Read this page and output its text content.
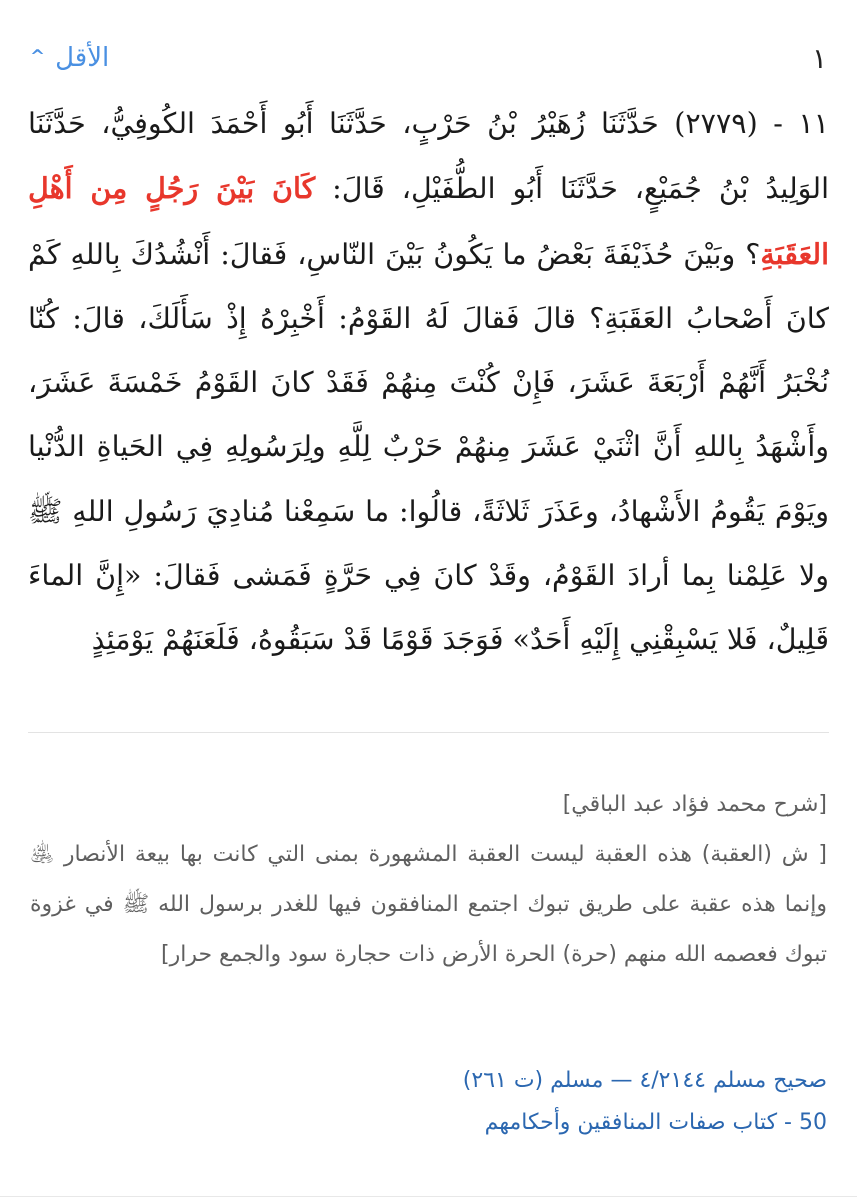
^ الأقل	١
١١ - (٢٧٧٩) حَدَّثَنَا زُهَيْرُ بْنُ حَرْبٍ، حَدَّثَنَا أَبُو أَحْمَدَ الكُوفِيُّ، حَدَّثَنَا الوَلِيدُ بْنُ جُمَيْعٍ، حَدَّثَنَا أَبُو الطُّفَيْلِ، قَالَ: كَانَ بَيْنَ رَجُلٍ مِن أَهْلِ العَقَبَةِ؟ وبَيْنَ حُذَيْفَةَ بَعْضُ ما يَكُونُ بَيْنَ النّاسِ، فَقالَ: أَنْشُدُكَ بِاللهِ كَمْ كانَ أَصْحابُ العَقَبَةِ؟ قالَ فَقالَ لَهُ القَوْمُ: أَخْبِرْهُ إِذْ سَأَلَكَ، قالَ: كُنّا نُخْبَرُ أَنَّهُمْ أَرْبَعَةَ عَشَرَ، فَإِنْ كُنْتَ مِنهُمْ فَقَدْ كانَ القَوْمُ خَمْسَةَ عَشَرَ، وأَشْهَدُ بِاللهِ أَنَّ اثْنَيْ عَشَرَ مِنهُمْ حَرْبٌ لِلَّهِ ولِرَسُولِهِ فِي الحَياةِ الدُّنْيا ويَوْمَ يَقُومُ الأَشْهادُ، وعَذَرَ ثَلاثَةً، قالُوا: ما سَمِعْنا مُنادِيَ رَسُولِ اللهِ ﷺ ولا عَلِمْنا بِما أرادَ القَوْمُ، وقَدْ كانَ فِي حَرَّةٍ فَمَشى فَقالَ: «إِنَّ الماءَ قَلِيلٌ، فَلا يَسْبِقْنِي إِلَيْهِ أَحَدٌ» فَوَجَدَ قَوْمًا قَدْ سَبَقُوهُ، فَلَعَنَهُمْ يَوْمَئِذٍ
[شرح محمد فؤاد عبد الباقي]
[ ش (العقبة) هذه العقبة ليست العقبة المشهورة بمنى التي كانت بها بيعة الأنصار ﵁ وإنما هذه عقبة على طريق تبوك اجتمع المنافقون فيها للغدر برسول الله ﷺ في غزوة تبوك فعصمه الله منهم (حرة) الحرة الأرض ذات حجارة سود والجمع حرار]
صحيح مسلم ٤/٢١٤٤ — مسلم (ت ٢٦١)
50 - كتاب صفات المنافقين وأحكامهم
